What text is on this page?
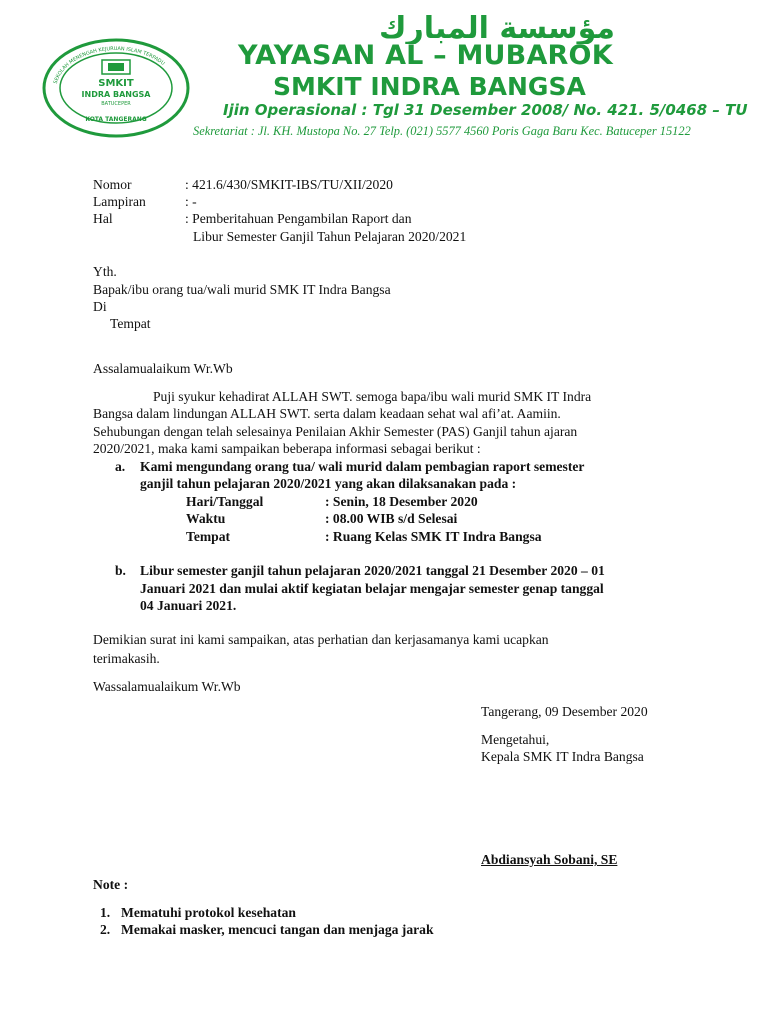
SEKOLAH MENENGAH KEJURUAN ISLAM TERPADU
SMKIT
INDRA BANGSA
BATUCEPER
KOTA TANGERANG
مؤسسة المبارك
YAYASAN AL – MUBAROK
SMKIT INDRA BANGSA
Ijin Operasional : Tgl 31 Desember 2008/ No. 421. 5/0468 – TU
Sekretariat : Jl. KH. Mustopa No. 27 Telp. (021) 5577 4560 Poris Gaga Baru Kec. Batuceper 15122
Nomor	: 421.6/430/SMKIT-IBS/TU/XII/2020
Lampiran	: -
Hal	: Pemberitahuan Pengambilan Raport dan
Libur Semester Ganjil Tahun Pelajaran 2020/2021
Yth.
Bapak/ibu orang tua/wali murid SMK IT Indra Bangsa
Di
Tempat
Assalamualaikum Wr.Wb
Puji syukur kehadirat ALLAH SWT. semoga bapa/ibu wali murid SMK IT Indra
Bangsa dalam lindungan ALLAH SWT. serta dalam keadaan sehat wal afi’at. Aamiin.
Sehubungan dengan telah selesainya Penilaian Akhir Semester (PAS) Ganjil tahun ajaran
2020/2021, maka kami sampaikan beberapa informasi sebagai berikut :
a. Kami mengundang orang tua/ wali murid dalam pembagian raport semester
ganjil tahun pelajaran 2020/2021 yang akan dilaksanakan pada :
Hari/Tanggal	: Senin, 18 Desember 2020
Waktu	: 08.00 WIB s/d Selesai
Tempat	: Ruang Kelas SMK IT Indra Bangsa
b. Libur semester ganjil tahun pelajaran 2020/2021 tanggal 21 Desember 2020 – 01
Januari 2021 dan mulai aktif kegiatan belajar mengajar semester genap tanggal
04 Januari 2021.
Demikian surat ini kami sampaikan, atas perhatian dan kerjasamanya kami ucapkan
terimakasih.
Wassalamualaikum Wr.Wb
Tangerang, 09 Desember 2020
Mengetahui,
Kepala SMK IT Indra Bangsa
Abdiansyah Sobani, SE
Note :
1. Mematuhi protokol kesehatan
2. Memakai masker, mencuci tangan dan menjaga jarak
